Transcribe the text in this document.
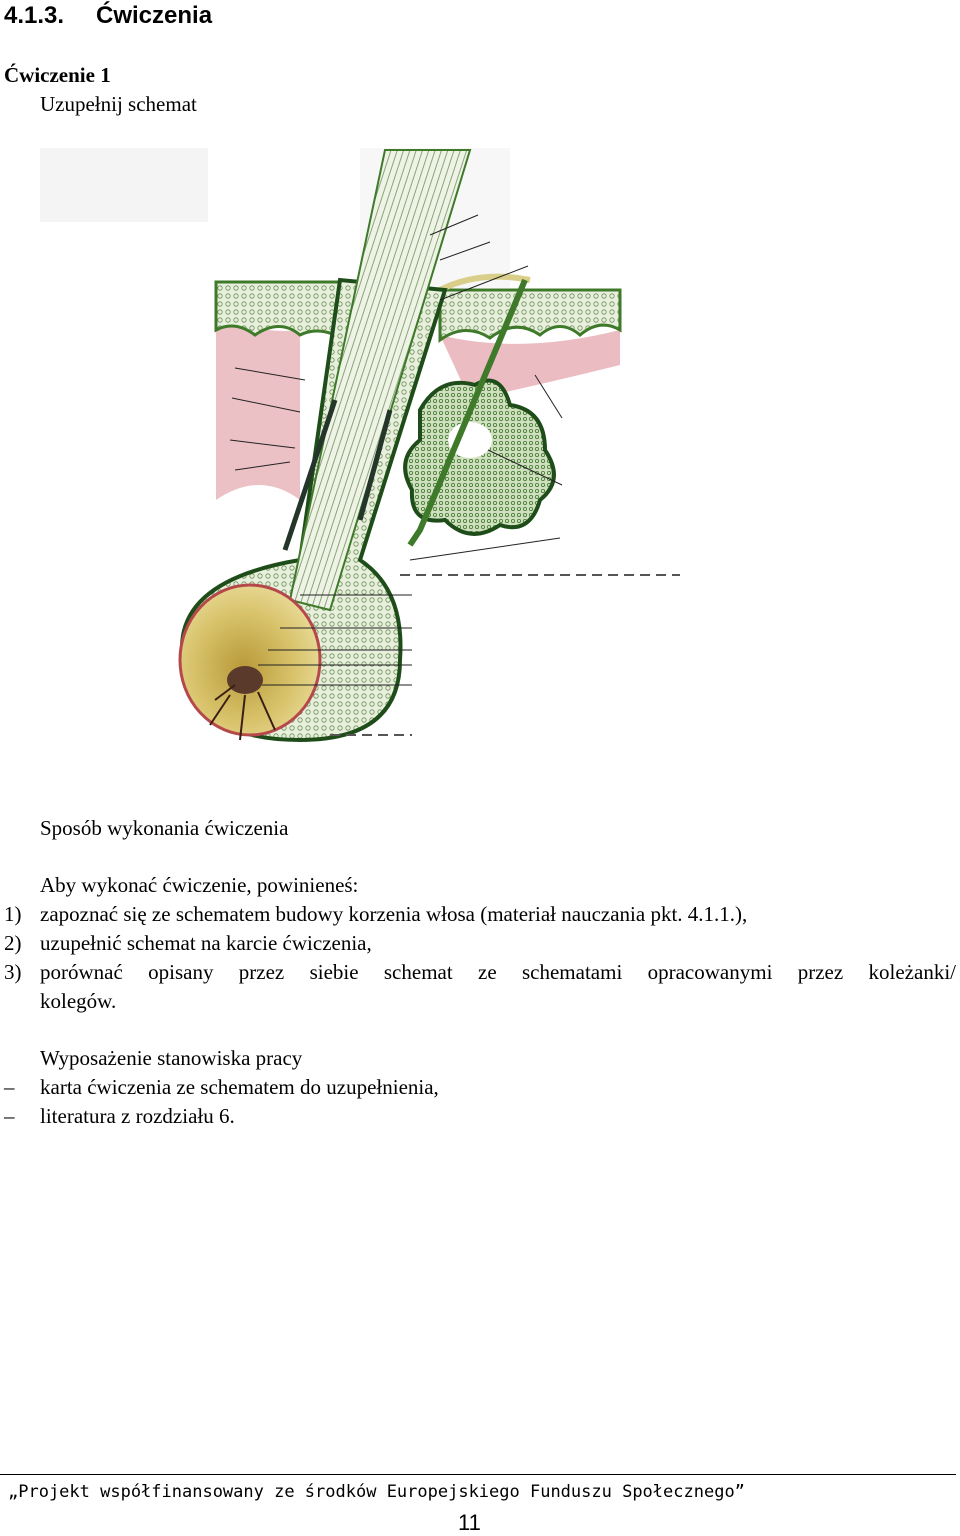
4.1.3. Ćwiczenia
Ćwiczenie 1
Uzupełnij schemat
Sposób wykonania ćwiczenia
Aby wykonać ćwiczenie, powinieneś:
1) zapoznać się ze schematem budowy korzenia włosa (materiał nauczania pkt. 4.1.1.),
2) uzupełnić schemat na karcie ćwiczenia,
3) porównać opisany przez siebie schemat ze schematami opracowanymi przez koleżanki/
kolegów.
Wyposażenie stanowiska pracy
– karta ćwiczenia ze schematem do uzupełnienia,
– literatura z rozdziału 6.
„Projekt współfinansowany ze środków Europejskiego Funduszu Społecznego”
11
